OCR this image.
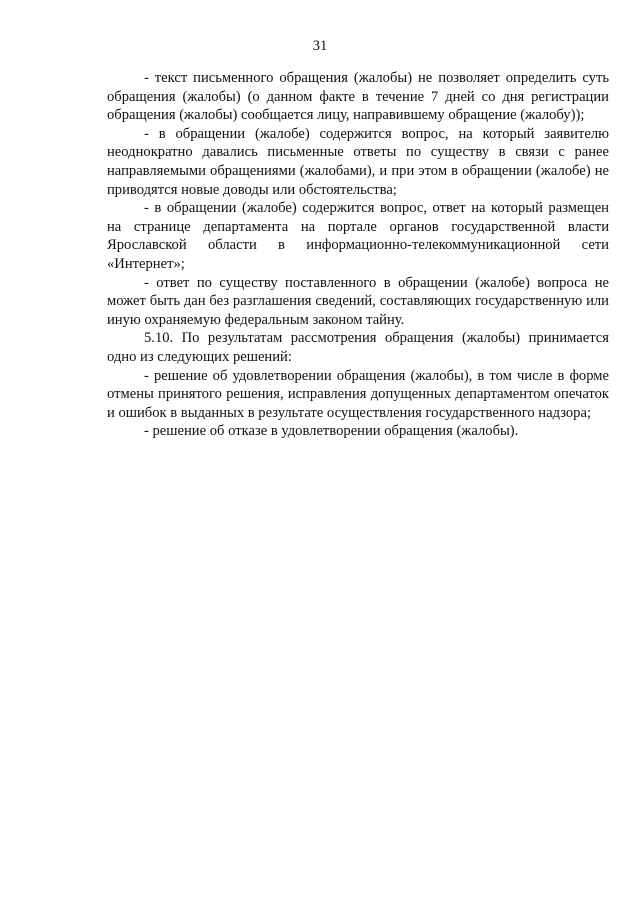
31

- текст письменного обращения (жалобы) не позволяет определить суть обращения (жалобы) (о данном факте в течение 7 дней со дня регистрации обращения (жалобы) сообщается лицу, направившему обращение (жалобу));

- в обращении (жалобе) содержится вопрос, на который заявителю неоднократно давались письменные ответы по существу в связи с ранее направляемыми обращениями (жалобами), и при этом в обращении (жалобе) не приводятся новые доводы или обстоятельства;

- в обращении (жалобе) содержится вопрос, ответ на который размещен на странице департамента на портале органов государственной власти Ярославской области в информационно-телекоммуникационной сети «Интернет»;

- ответ по существу поставленного в обращении (жалобе) вопроса не может быть дан без разглашения сведений, составляющих государственную или иную охраняемую федеральным законом тайну.

5.10. По результатам рассмотрения обращения (жалобы) принимается одно из следующих решений:

- решение об удовлетворении обращения (жалобы), в том числе в форме отмены принятого решения, исправления допущенных департаментом опечаток и ошибок в выданных в результате осуществления государственного надзора;

- решение об отказе в удовлетворении обращения (жалобы).
